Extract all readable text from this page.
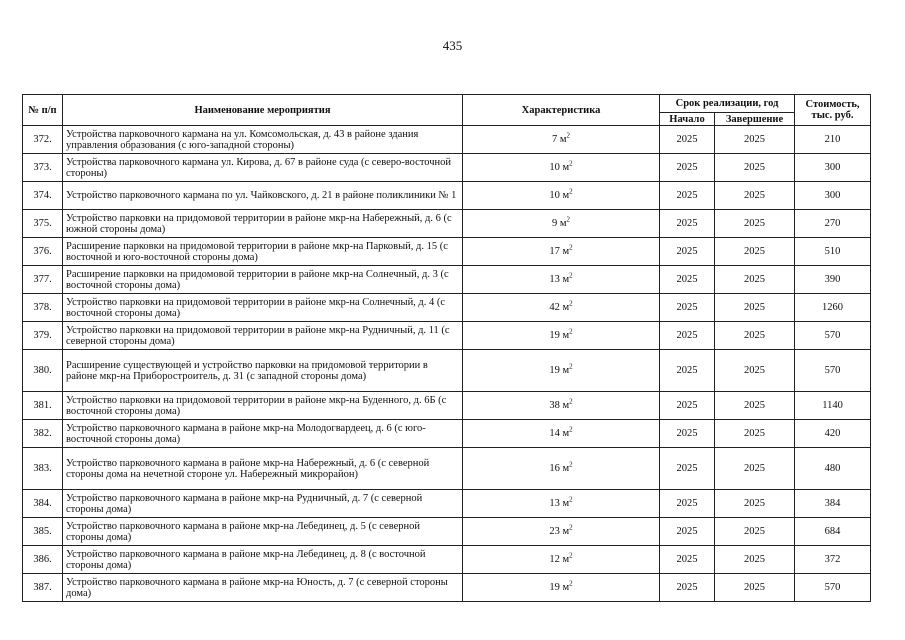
435
№ п/п	Наименование мероприятия	Характеристика	Срок реализации, год		Стоимость, тыс. руб.
			Начало	Завершение	
372.	Устройства парковочного кармана на ул. Комсомольская, д. 43 в районе здания управления образования (с юго-западной стороны)	7 $м^2$	2025	2025	210
373.	Устройства парковочного кармана ул. Кирова, д. 67 в районе суда (с северо-восточной стороны)	10 $м^2$	2025	2025	300
374.	Устройство парковочного кармана по ул. Чайковского, д. 21 в районе поликлиники № 1	10 $м^2$	2025	2025	300
375.	Устройство парковки на придомовой территории в районе мкр-на Набережный, д. 6 (с южной стороны дома)	9 $м^2$	2025	2025	270
376.	Расширение парковки на придомовой территории в районе мкр-на Парковый, д. 15 (с восточной и юго-восточной стороны дома)	17 $м^2$	2025	2025	510
377.	Расширение парковки на придомовой территории в районе мкр-на Солнечный, д. 3 (с восточной стороны дома)	13 $м^2$	2025	2025	390
378.	Устройство парковки на придомовой территории в районе мкр-на Солнечный, д. 4 (с восточной стороны дома)	42 $м^2$	2025	2025	1260
379.	Устройство парковки на придомовой территории в районе мкр-на Рудничный, д. 11 (с северной стороны дома)	19 $м^2$	2025	2025	570
380.	Расширение существующей и устройство парковки на придомовой территории в районе мкр-на Приборостроитель, д. 31 (с западной стороны дома)	19 $м^2$	2025	2025	570
381.	Устройство парковки на придомовой территории в районе мкр-на Буденного, д. 6Б (с восточной стороны дома)	38 $м^2$	2025	2025	1140
382.	Устройство парковочного кармана в районе мкр-на Молодогвардеец, д. 6 (с юго-восточной стороны дома)	14 $м^2$	2025	2025	420
383.	Устройство парковочного кармана в районе мкр-на Набережный, д. 6 (с северной стороны дома на нечетной стороне ул. Набережный микрорайон)	16 $м^2$	2025	2025	480
384.	Устройство парковочного кармана в районе мкр-на Рудничный, д. 7 (с северной стороны дома)	13 $м^2$	2025	2025	384
385.	Устройство парковочного кармана в районе мкр-на Лебединец, д. 5 (с северной стороны дома)	23 $м^2$	2025	2025	684
386.	Устройство парковочного кармана в районе мкр-на Лебединец, д. 8 (с восточной стороны дома)	12 $м^2$	2025	2025	372
387.	Устройство парковочного кармана в районе мкр-на Юность, д. 7 (с северной стороны дома)	19 $м^2$	2025	2025	570
